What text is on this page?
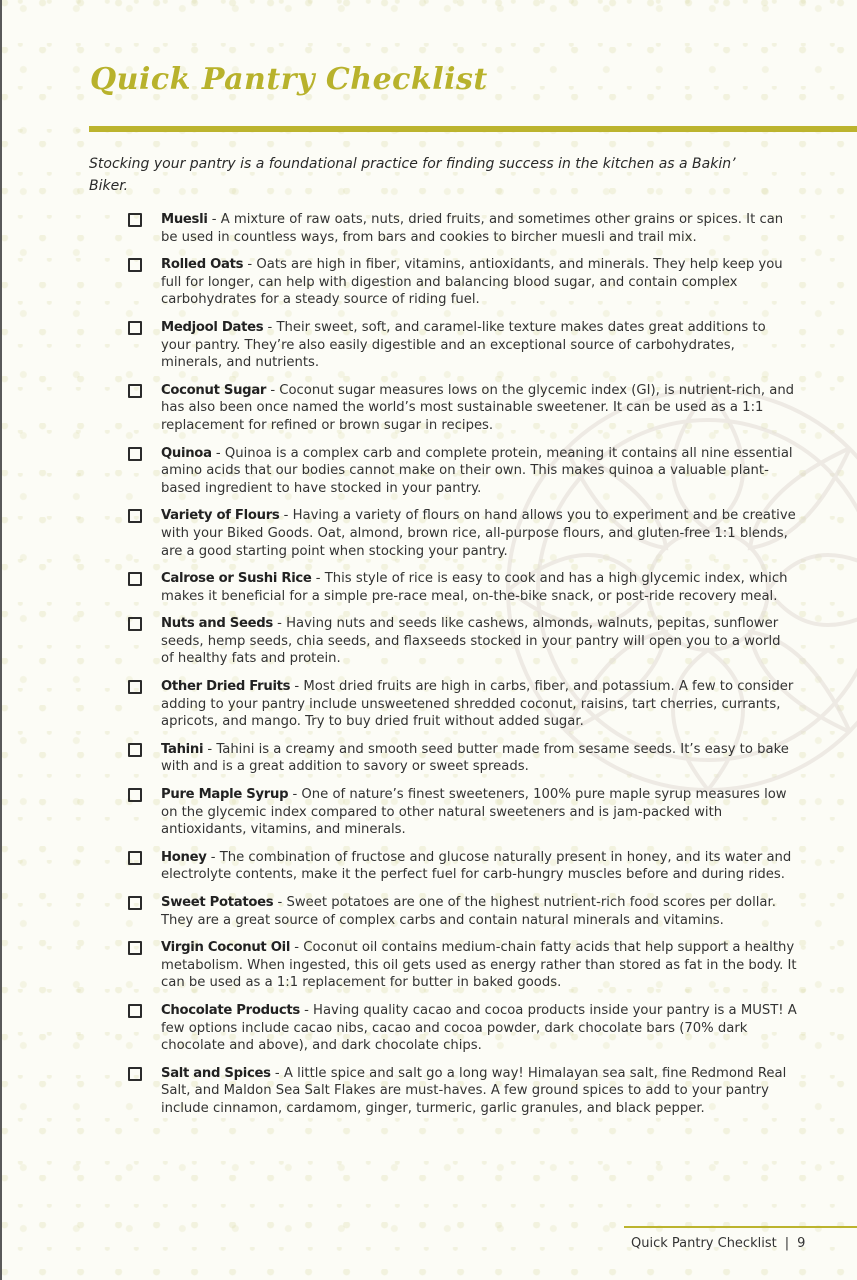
Quick Pantry Checklist

Stocking your pantry is a foundational practice for finding success in the kitchen as a Bakin’ Biker.

Muesli - A mixture of raw oats, nuts, dried fruits, and sometimes other grains or spices. It can be used in countless ways, from bars and cookies to bircher muesli and trail mix.
Rolled Oats - Oats are high in fiber, vitamins, antioxidants, and minerals. They help keep you full for longer, can help with digestion and balancing blood sugar, and contain complex carbohydrates for a steady source of riding fuel.
Medjool Dates - Their sweet, soft, and caramel-like texture makes dates great additions to your pantry. They’re also easily digestible and an exceptional source of carbohydrates, minerals, and nutrients.
Coconut Sugar - Coconut sugar measures lows on the glycemic index (GI), is nutrient-rich, and has also been once named the world’s most sustainable sweetener. It can be used as a 1:1 replacement for refined or brown sugar in recipes.
Quinoa - Quinoa is a complex carb and complete protein, meaning it contains all nine essential amino acids that our bodies cannot make on their own. This makes quinoa a valuable plant-based ingredient to have stocked in your pantry.
Variety of Flours - Having a variety of flours on hand allows you to experiment and be creative with your Biked Goods. Oat, almond, brown rice, all-purpose flours, and gluten-free 1:1 blends, are a good starting point when stocking your pantry.
Calrose or Sushi Rice - This style of rice is easy to cook and has a high glycemic index, which makes it beneficial for a simple pre-race meal, on-the-bike snack, or post-ride recovery meal.
Nuts and Seeds - Having nuts and seeds like cashews, almonds, walnuts, pepitas, sunflower seeds, hemp seeds, chia seeds, and flaxseeds stocked in your pantry will open you to a world of healthy fats and protein.
Other Dried Fruits - Most dried fruits are high in carbs, fiber, and potassium. A few to consider adding to your pantry include unsweetened shredded coconut, raisins, tart cherries, currants, apricots, and mango. Try to buy dried fruit without added sugar.
Tahini - Tahini is a creamy and smooth seed butter made from sesame seeds. It’s easy to bake with and is a great addition to savory or sweet spreads.
Pure Maple Syrup - One of nature’s finest sweeteners, 100% pure maple syrup measures low on the glycemic index compared to other natural sweeteners and is jam-packed with antioxidants, vitamins, and minerals.
Honey - The combination of fructose and glucose naturally present in honey, and its water and electrolyte contents, make it the perfect fuel for carb-hungry muscles before and during rides.
Sweet Potatoes - Sweet potatoes are one of the highest nutrient-rich food scores per dollar. They are a great source of complex carbs and contain natural minerals and vitamins.
Virgin Coconut Oil - Coconut oil contains medium-chain fatty acids that help support a healthy metabolism. When ingested, this oil gets used as energy rather than stored as fat in the body. It can be used as a 1:1 replacement for butter in baked goods.
Chocolate Products - Having quality cacao and cocoa products inside your pantry is a MUST! A few options include cacao nibs, cacao and cocoa powder, dark chocolate bars (70% dark chocolate and above), and dark chocolate chips.
Salt and Spices - A little spice and salt go a long way! Himalayan sea salt, fine Redmond Real Salt, and Maldon Sea Salt Flakes are must-haves. A few ground spices to add to your pantry include cinnamon, cardamom, ginger, turmeric, garlic granules, and black pepper.
Quick Pantry Checklist | 9
